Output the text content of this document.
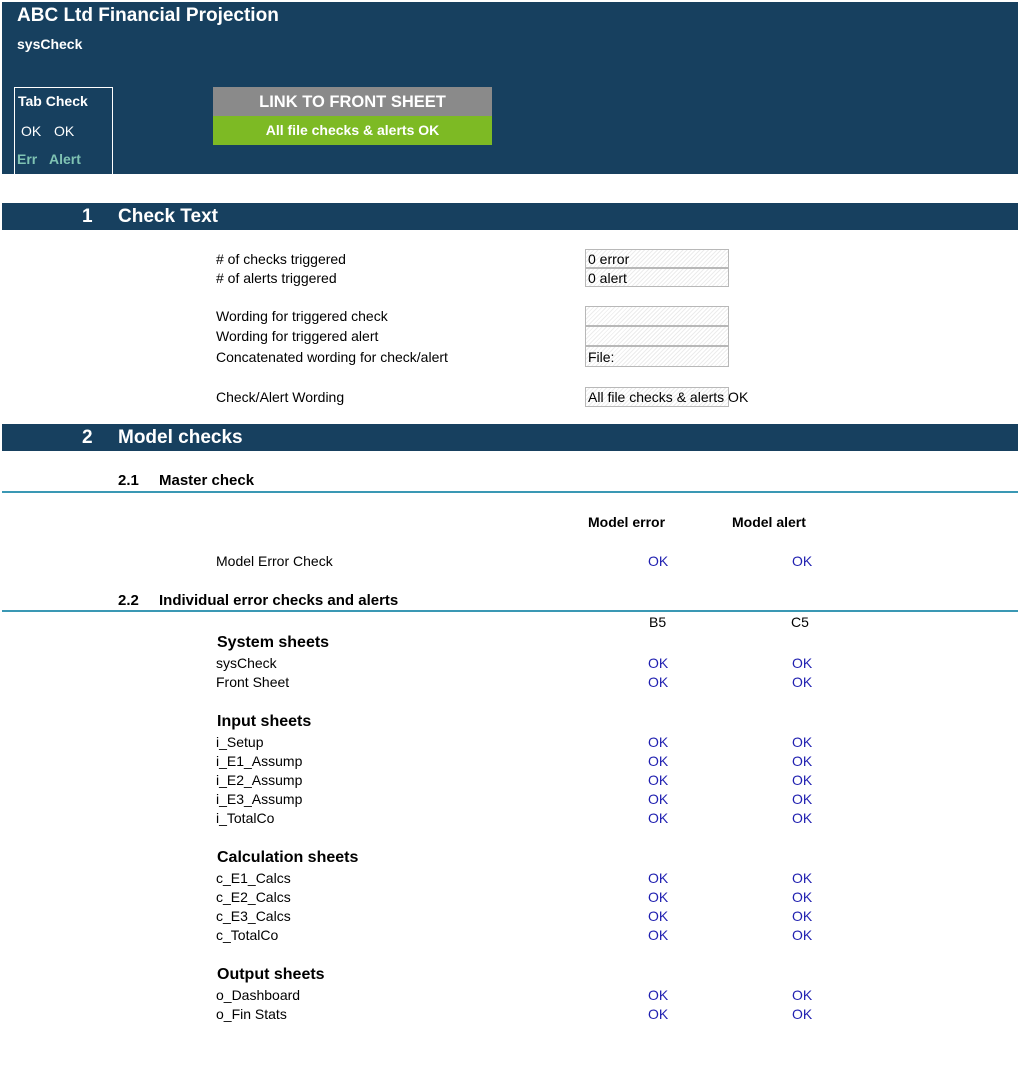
ABC Ltd Financial Projection
sysCheck
Tab Check
OK OK
Err Alert
LINK TO FRONT SHEET
All file checks & alerts OK
1 Check Text
# of checks triggered	0 error
# of alerts triggered	0 alert
Wording for triggered check
Wording for triggered alert
Concatenated wording for check/alert	File:
Check/Alert Wording	All file checks & alerts OK
2 Model checks
2.1 Master check
Model error	Model alert
Model Error Check	OK	OK
2.2 Individual error checks and alerts
B5	C5
System sheets
sysCheck	OK	OK
Front Sheet	OK	OK
Input sheets
i_Setup	OK	OK
i_E1_Assump	OK	OK
i_E2_Assump	OK	OK
i_E3_Assump	OK	OK
i_TotalCo	OK	OK
Calculation sheets
c_E1_Calcs	OK	OK
c_E2_Calcs	OK	OK
c_E3_Calcs	OK	OK
c_TotalCo	OK	OK
Output sheets
o_Dashboard	OK	OK
o_Fin Stats	OK	OK
